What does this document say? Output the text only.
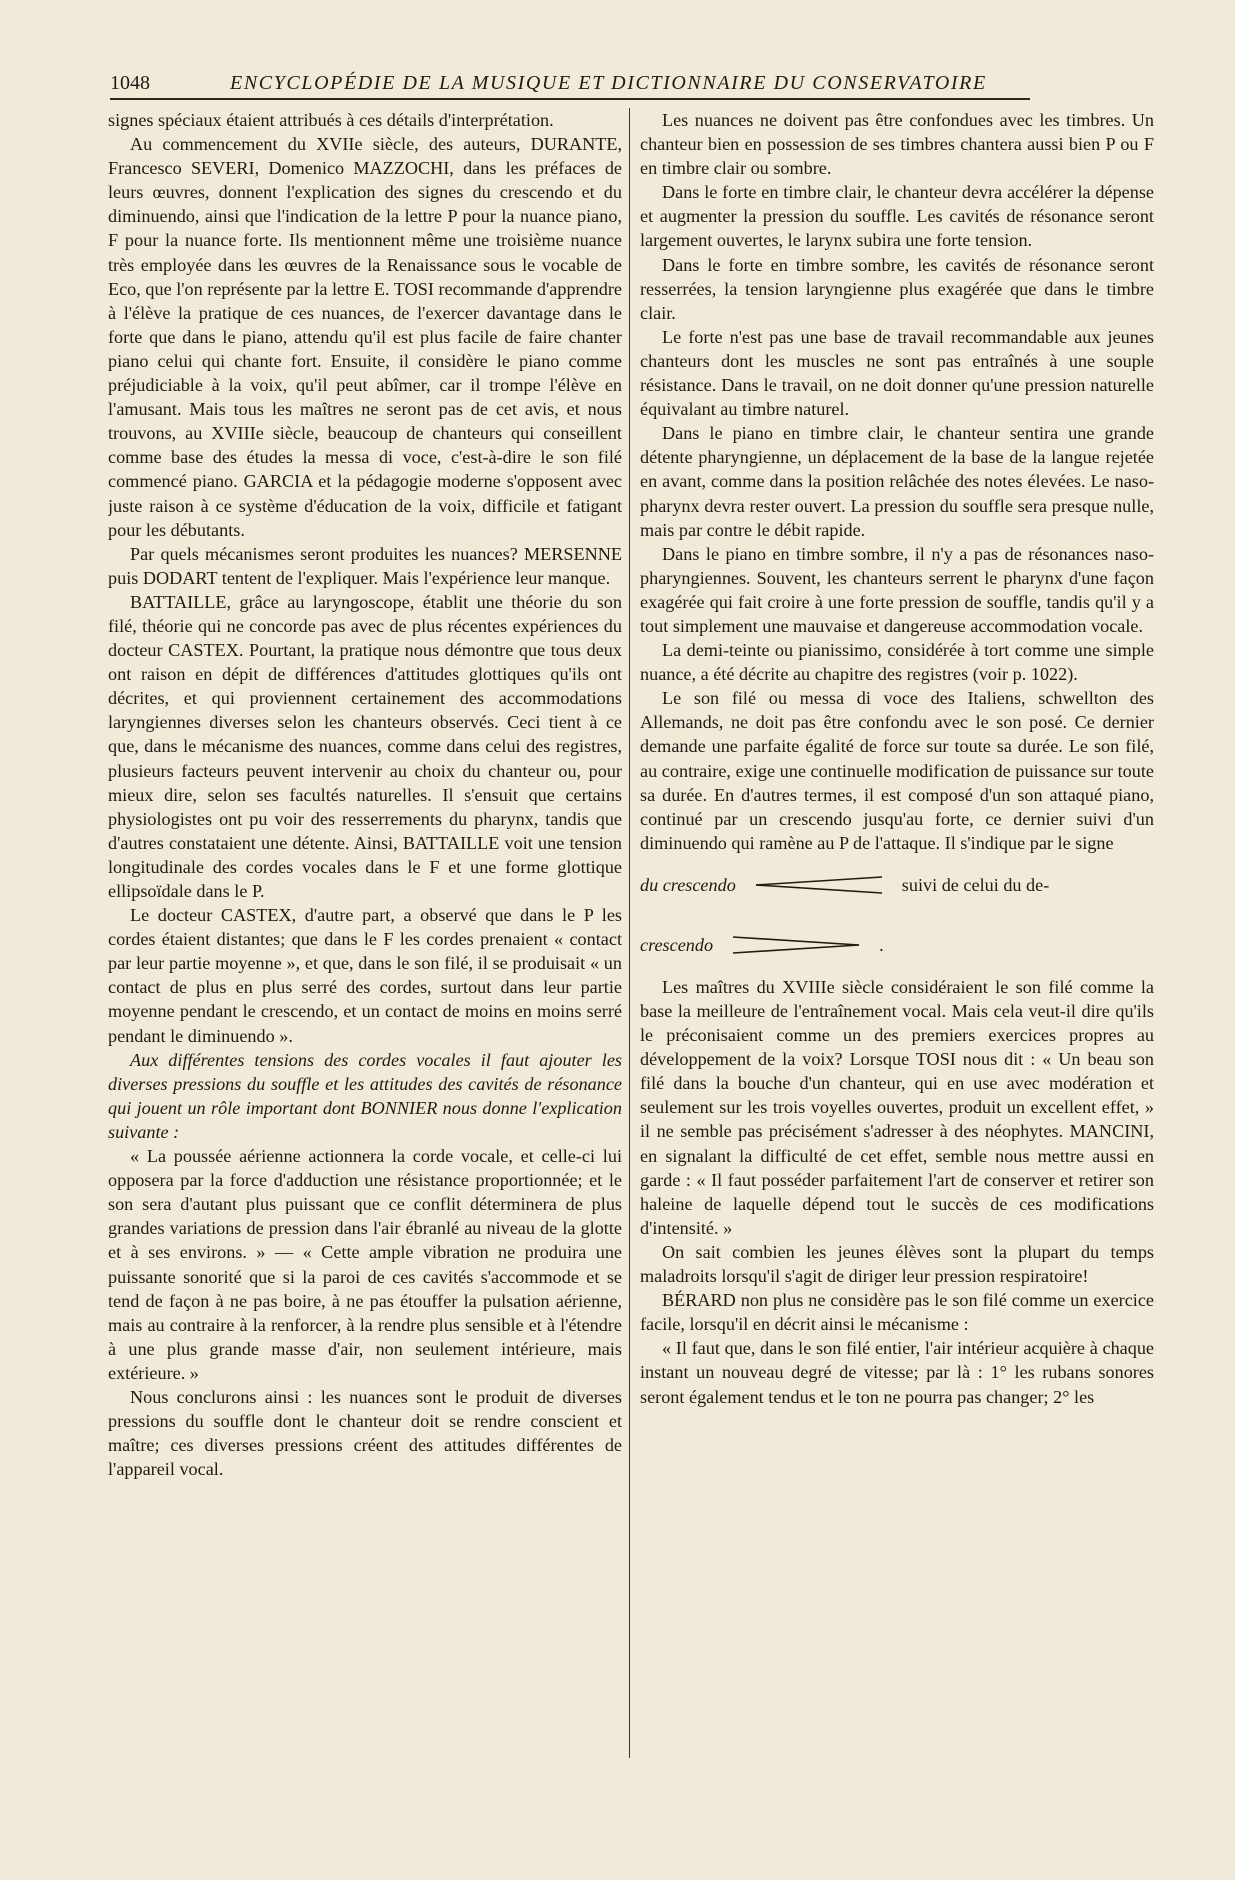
1048	ENCYCLOPÉDIE DE LA MUSIQUE ET DICTIONNAIRE DU CONSERVATOIRE

signes spéciaux étaient attribués à ces détails d'interprétation.

Au commencement du XVIIe siècle, des auteurs, DURANTE, Francesco SEVERI, Domenico MAZZOCHI, dans les préfaces de leurs œuvres, donnent l'explication des signes du crescendo et du diminuendo, ainsi que l'indication de la lettre P pour la nuance piano, F pour la nuance forte. Ils mentionnent même une troisième nuance très employée dans les œuvres de la Renaissance sous le vocable de Eco, que l'on représente par la lettre E. TOSI recommande d'apprendre à l'élève la pratique de ces nuances, de l'exercer davantage dans le forte que dans le piano, attendu qu'il est plus facile de faire chanter piano celui qui chante fort. Ensuite, il considère le piano comme préjudiciable à la voix, qu'il peut abîmer, car il trompe l'élève en l'amusant. Mais tous les maîtres ne seront pas de cet avis, et nous trouvons, au XVIIIe siècle, beaucoup de chanteurs qui conseillent comme base des études la messa di voce, c'est-à-dire le son filé commencé piano. GARCIA et la pédagogie moderne s'opposent avec juste raison à ce système d'éducation de la voix, difficile et fatigant pour les débutants.

Par quels mécanismes seront produites les nuances? MERSENNE puis DODART tentent de l'expliquer. Mais l'expérience leur manque.

BATTAILLE, grâce au laryngoscope, établit une théorie du son filé, théorie qui ne concorde pas avec de plus récentes expériences du docteur CASTEX. Pourtant, la pratique nous démontre que tous deux ont raison en dépit de différences d'attitudes glottiques qu'ils ont décrites, et qui proviennent certainement des accommodations laryngiennes diverses selon les chanteurs observés. Ceci tient à ce que, dans le mécanisme des nuances, comme dans celui des registres, plusieurs facteurs peuvent intervenir au choix du chanteur ou, pour mieux dire, selon ses facultés naturelles. Il s'ensuit que certains physiologistes ont pu voir des resserrements du pharynx, tandis que d'autres constataient une détente. Ainsi, BATTAILLE voit une tension longitudinale des cordes vocales dans le F et une forme glottique ellipsoïdale dans le P.

Le docteur CASTEX, d'autre part, a observé que dans le P les cordes étaient distantes; que dans le F les cordes prenaient « contact par leur partie moyenne », et que, dans le son filé, il se produisait « un contact de plus en plus serré des cordes, surtout dans leur partie moyenne pendant le crescendo, et un contact de moins en moins serré pendant le diminuendo ».

Aux différentes tensions des cordes vocales il faut ajouter les diverses pressions du souffle et les attitudes des cavités de résonance qui jouent un rôle important dont BONNIER nous donne l'explication suivante :

« La poussée aérienne actionnera la corde vocale, et celle-ci lui opposera par la force d'adduction une résistance proportionnée; et le son sera d'autant plus puissant que ce conflit déterminera de plus grandes variations de pression dans l'air ébranlé au niveau de la glotte et à ses environs. » — « Cette ample vibration ne produira une puissante sonorité que si la paroi de ces cavités s'accommode et se tend de façon à ne pas boire, à ne pas étouffer la pulsation aérienne, mais au contraire à la renforcer, à la rendre plus sensible et à l'étendre à une plus grande masse d'air, non seulement intérieure, mais extérieure. »

Nous conclurons ainsi : les nuances sont le produit de diverses pressions du souffle dont le chanteur doit se rendre conscient et maître; ces diverses pressions créent des attitudes différentes de l'appareil vocal.

Les nuances ne doivent pas être confondues avec les timbres. Un chanteur bien en possession de ses timbres chantera aussi bien P ou F en timbre clair ou sombre.

Dans le forte en timbre clair, le chanteur devra accélérer la dépense et augmenter la pression du souffle. Les cavités de résonance seront largement ouvertes, le larynx subira une forte tension.

Dans le forte en timbre sombre, les cavités de résonance seront resserrées, la tension laryngienne plus exagérée que dans le timbre clair.

Le forte n'est pas une base de travail recommandable aux jeunes chanteurs dont les muscles ne sont pas entraînés à une souple résistance. Dans le travail, on ne doit donner qu'une pression naturelle équivalant au timbre naturel.

Dans le piano en timbre clair, le chanteur sentira une grande détente pharyngienne, un déplacement de la base de la langue rejetée en avant, comme dans la position relâchée des notes élevées. Le naso-pharynx devra rester ouvert. La pression du souffle sera presque nulle, mais par contre le débit rapide.

Dans le piano en timbre sombre, il n'y a pas de résonances naso-pharyngiennes. Souvent, les chanteurs serrent le pharynx d'une façon exagérée qui fait croire à une forte pression de souffle, tandis qu'il y a tout simplement une mauvaise et dangereuse accommodation vocale.

La demi-teinte ou pianissimo, considérée à tort comme une simple nuance, a été décrite au chapitre des registres (voir p. 1022).

Le son filé ou messa di voce des Italiens, schwellton des Allemands, ne doit pas être confondu avec le son posé. Ce dernier demande une parfaite égalité de force sur toute sa durée. Le son filé, au contraire, exige une continuelle modification de puissance sur toute sa durée. En d'autres termes, il est composé d'un son attaqué piano, continué par un crescendo jusqu'au forte, ce dernier suivi d'un diminuendo qui ramène au P de l'attaque. Il s'indique par le signe

du crescendo	suivi de celui du de-
crescendo	.

Les maîtres du XVIIIe siècle considéraient le son filé comme la base la meilleure de l'entraînement vocal. Mais cela veut-il dire qu'ils le préconisaient comme un des premiers exercices propres au développement de la voix? Lorsque TOSI nous dit : « Un beau son filé dans la bouche d'un chanteur, qui en use avec modération et seulement sur les trois voyelles ouvertes, produit un excellent effet, » il ne semble pas précisément s'adresser à des néophytes. MANCINI, en signalant la difficulté de cet effet, semble nous mettre aussi en garde : « Il faut posséder parfaitement l'art de conserver et retirer son haleine de laquelle dépend tout le succès de ces modifications d'intensité. »

On sait combien les jeunes élèves sont la plupart du temps maladroits lorsqu'il s'agit de diriger leur pression respiratoire!

BÉRARD non plus ne considère pas le son filé comme un exercice facile, lorsqu'il en décrit ainsi le mécanisme :

« Il faut que, dans le son filé entier, l'air intérieur acquière à chaque instant un nouveau degré de vitesse; par là : 1° les rubans sonores seront également tendus et le ton ne pourra pas changer; 2° les
